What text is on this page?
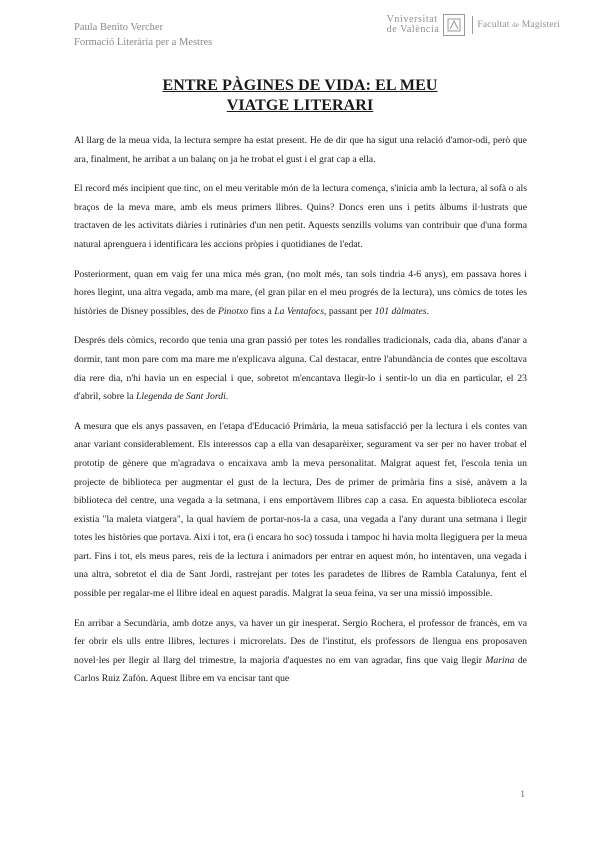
Paula Benito Vercher
Formació Literària per a Mestres
Vniversitat
de València	Facultat de Magisteri
ENTRE PÀGINES DE VIDA: EL MEU
VIATGE LITERARI

Al llarg de la meua vida, la lectura sempre ha estat present. He de dir que ha sigut una relació d'amor-odi, però que ara, finalment, he arribat a un balanç on ja he trobat el gust i el grat cap a ella.

El record més incipient que tinc, on el meu veritable món de la lectura comença, s'inicia amb la lectura, al sofà o als braços de la meva mare, amb els meus primers llibres. Quins? Doncs eren uns i petits àlbums il·lustrats que tractaven de les activitats diàries i rutinàries d'un nen petit. Aquests senzills volums van contribuir que d'una forma natural aprenguera i identificara les accions pròpies i quotidianes de l'edat.

Posteriorment, quan em vaig fer una mica més gran, (no molt més, tan sols tindria 4-6 anys), em passava hores i hores llegint, una altra vegada, amb ma mare, (el gran pilar en el meu progrés de la lectura), uns còmics de totes les històries de Disney possibles, des de Pinotxo fins a La Ventafocs, passant per 101 dàlmates.

Després dels còmics, recordo que tenia una gran passió per totes les rondalles tradicionals, cada dia, abans d'anar a dormir, tant mon pare com ma mare me n'explicava alguna. Cal destacar, entre l'abundància de contes que escoltava dia rere dia, n'hi havia un en especial i que, sobretot m'encantava llegir-lo i sentir-lo un dia en particular, el 23 d'abril, sobre la Llegenda de Sant Jordi.

A mesura que els anys passaven, en l'etapa d'Educació Primària, la meua satisfacció per la lectura i els contes van anar variant considerablement. Els interessos cap a ella van desaparèixer, segurament va ser per no haver trobat el prototip de gènere que m'agradava o encaixava amb la meva personalitat. Malgrat aquest fet, l'escola tenia un projecte de biblioteca per augmentar el gust de la lectura, Des de primer de primària fins a sisè, anàvem a la biblioteca del centre, una vegada a la setmana, i ens emportàvem llibres cap a casa. En aquesta biblioteca escolar existia "la maleta viatgera", la qual havíem de portar-nos-la a casa, una vegada a l'any durant una setmana i llegir totes les històries que portava. Així i tot, era (i encara ho soc) tossuda i tampoc hi havia molta llegiguera per la meua part. Fins i tot, els meus pares, reis de la lectura i animadors per entrar en aquest món, ho intentaven, una vegada i una altra, sobretot el dia de Sant Jordi, rastrejant per totes les paradetes de llibres de Rambla Catalunya, fent el possible per regalar-me el llibre ideal en aquest paradís. Malgrat la seua feina, va ser una missió impossible.

En arribar a Secundària, amb dotze anys, va haver un gir inesperat. Sergio Rochera, el professor de francès, em va fer obrir els ulls entre llibres, lectures i microrelats. Des de l'institut, els professors de llengua ens proposaven novel·les per llegir al llarg del trimestre, la majoria d'aquestes no em van agradar, fins que vaig llegir Marina de Carlos Ruiz Zafón. Aquest llibre em va encisar tant que

1
